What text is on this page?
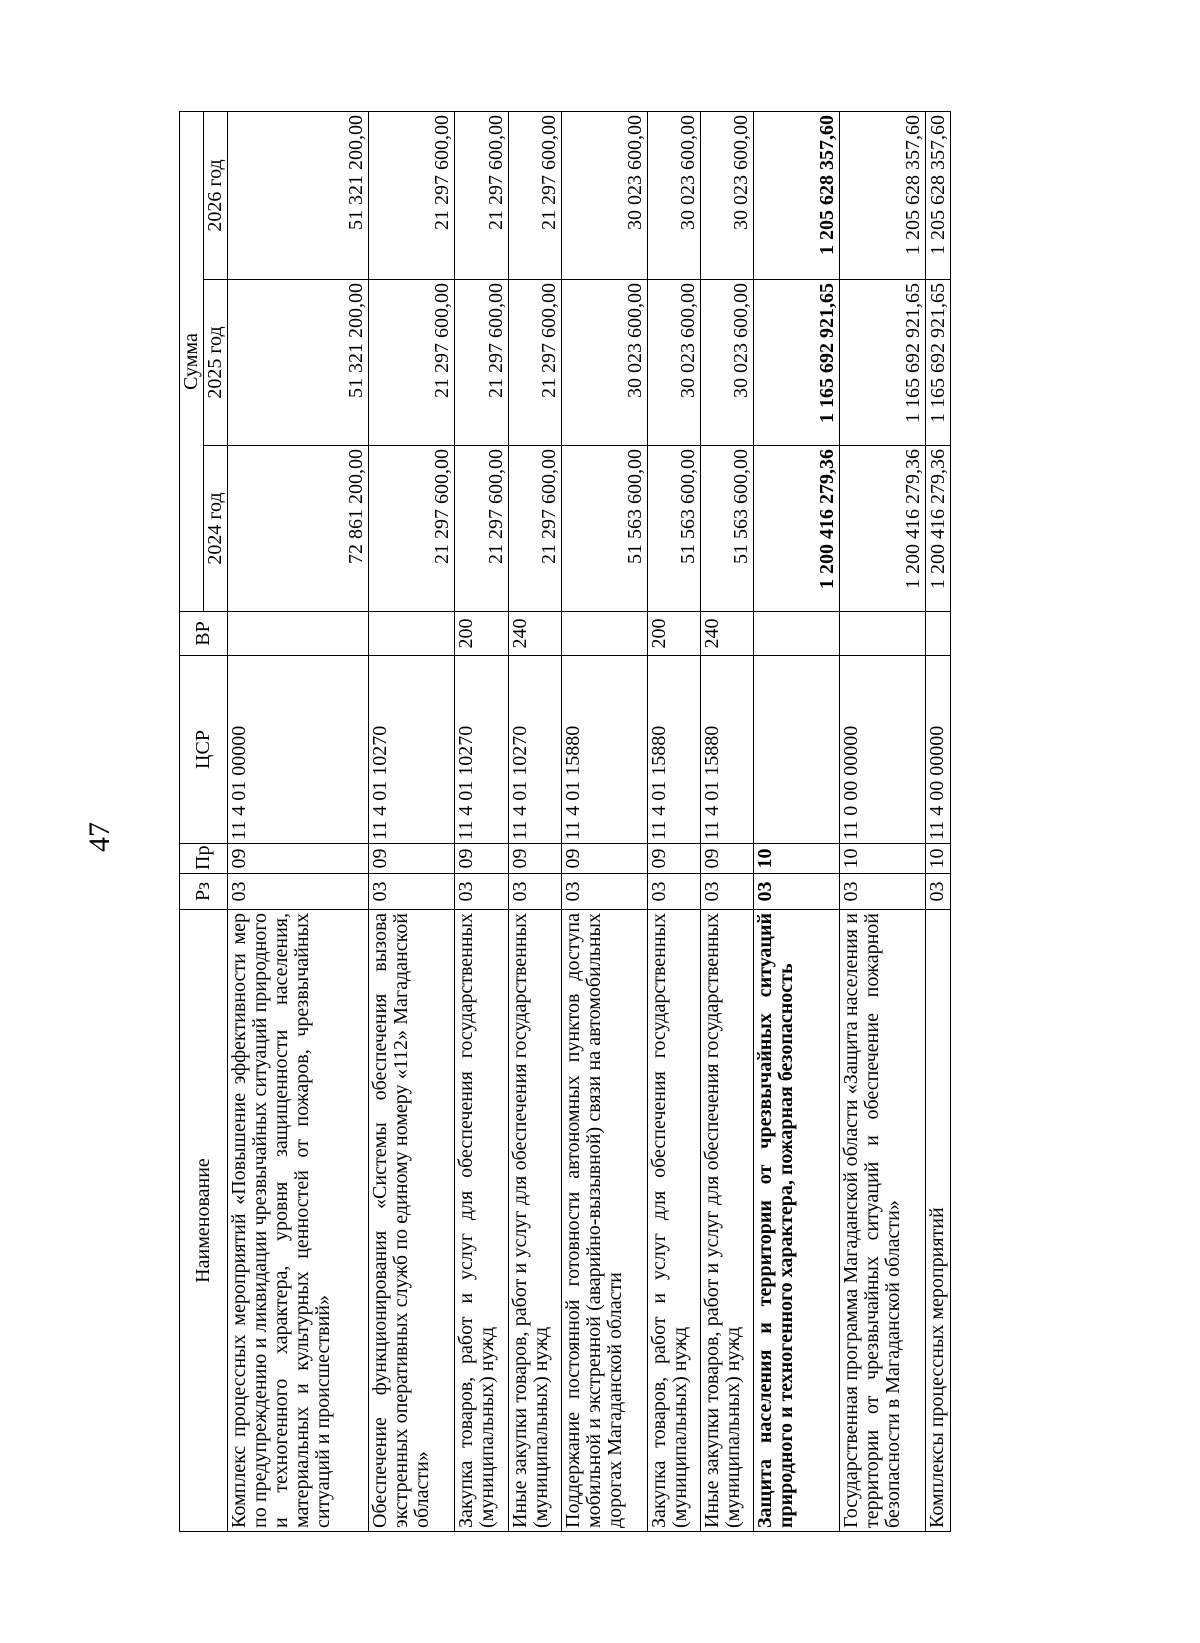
47
Наименование	Рз	Пр	ЦСР	ВР	Сумма		
					2024 год	2025 год	2026 год
Комплекс процессных мероприятий «Повышение эффективности мер по предупреждению и ликвидации чрезвычайных ситуаций природного и техногенного характера, уровня защищенности населения, материальных и культурных ценностей от пожаров, чрезвычайных ситуаций и происшествий»	03	09	11 4 01 00000		72 861 200,00	51 321 200,00	51 321 200,00
Обеспечение функционирования «Системы обеспечения вызова экстренных оперативных служб по единому номеру «112» Магаданской области»	03	09	11 4 01 10270		21 297 600,00	21 297 600,00	21 297 600,00
Закупка товаров, работ и услуг для обеспечения государственных (муниципальных) нужд	03	09	11 4 01 10270	200	21 297 600,00	21 297 600,00	21 297 600,00
Иные закупки товаров, работ и услуг для обеспечения государственных (муниципальных) нужд	03	09	11 4 01 10270	240	21 297 600,00	21 297 600,00	21 297 600,00
Поддержание постоянной готовности автономных пунктов доступа мобильной и экстренной (аварийно-вызывной) связи на автомобильных дорогах Магаданской области	03	09	11 4 01 15880		51 563 600,00	30 023 600,00	30 023 600,00
Закупка товаров, работ и услуг для обеспечения государственных (муниципальных) нужд	03	09	11 4 01 15880	200	51 563 600,00	30 023 600,00	30 023 600,00
Иные закупки товаров, работ и услуг для обеспечения государственных (муниципальных) нужд	03	09	11 4 01 15880	240	51 563 600,00	30 023 600,00	30 023 600,00
Защита населения и территории от чрезвычайных ситуаций природного и техногенного характера, пожарная безопасность	03	10			1 200 416 279,36	1 165 692 921,65	1 205 628 357,60
Государственная программа Магаданской области «Защита населения и территории от чрезвычайных ситуаций и обеспечение пожарной безопасности в Магаданской области»	03	10	11 0 00 00000		1 200 416 279,36	1 165 692 921,65	1 205 628 357,60
Комплексы процессных мероприятий	03	10	11 4 00 00000		1 200 416 279,36	1 165 692 921,65	1 205 628 357,60
